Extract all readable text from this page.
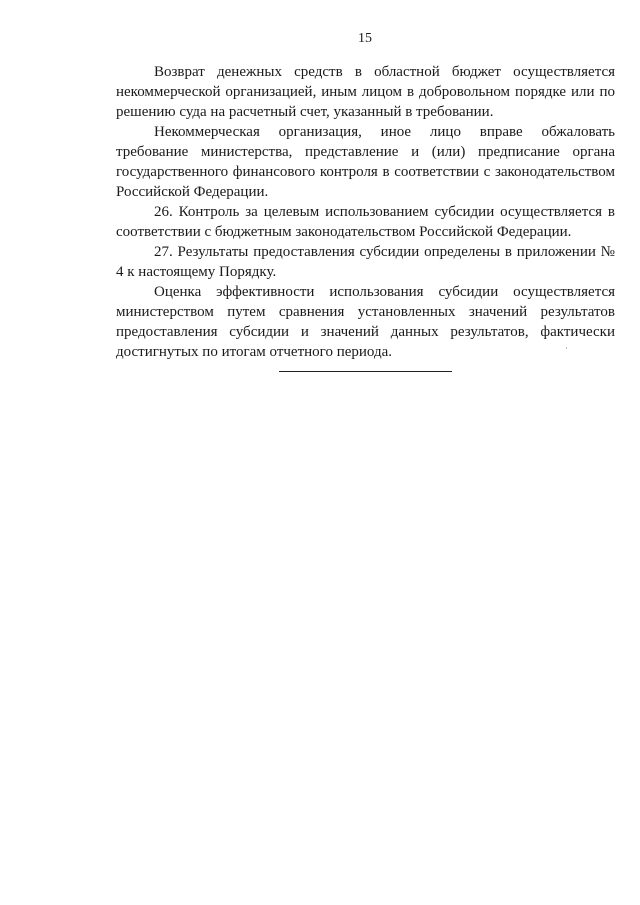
15

Возврат денежных средств в областной бюджет осуществляется некоммерческой организацией, иным лицом в добровольном порядке или по решению суда на расчетный счет, указанный в требовании.

Некоммерческая организация, иное лицо вправе обжаловать требование министерства, представление и (или) предписание органа государственного финансового контроля в соответствии с законодательством Российской Федерации.

26. Контроль за целевым использованием субсидии осуществляется в соответствии с бюджетным законодательством Российской Федерации.

27. Результаты предоставления субсидии определены в приложении № 4 к настоящему Порядку.

Оценка эффективности использования субсидии осуществляется министерством путем сравнения установленных значений результатов предоставления субсидии и значений данных результатов, фактически достигнутых по итогам отчетного периода.
